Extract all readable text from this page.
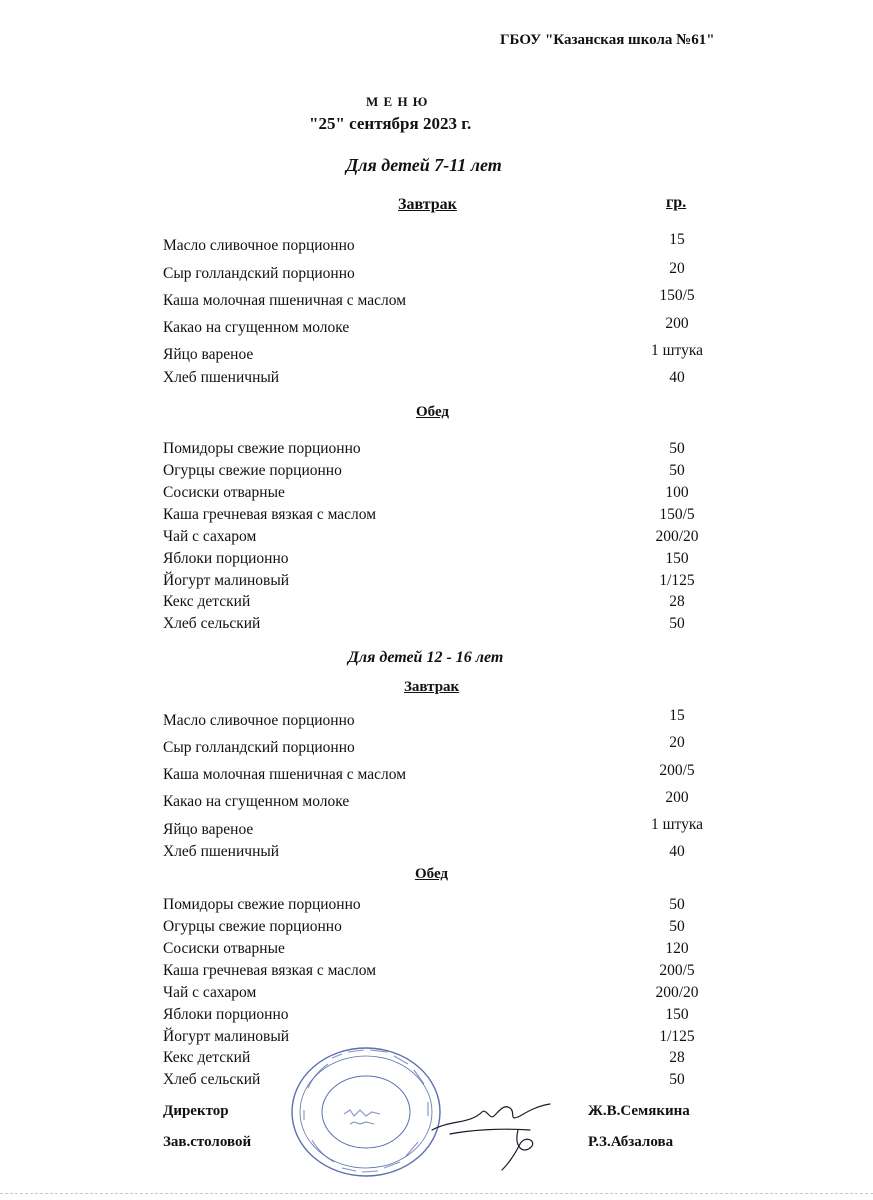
ГБОУ "Казанская школа №61"
М Е Н Ю
"25" сентября 2023 г.
Для детей 7-11 лет
Завтрак	гр.
Масло сливочное порционно	15
Сыр голландский порционно	20
Каша молочная пшеничная с маслом	150/5
Какао на сгущенном молоке	200
Яйцо вареное	1 штука
Хлеб пшеничный	40
Обед
Помидоры свежие порционно	50
Огурцы свежие порционно	50
Сосиски отварные	100
Каша гречневая вязкая с маслом	150/5
Чай с сахаром	200/20
Яблоки порционно	150
Йогурт малиновый	1/125
Кекс детский	28
Хлеб сельский	50
Для детей 12 - 16 лет
Завтрак
Масло сливочное порционно	15
Сыр голландский порционно	20
Каша молочная пшеничная с маслом	200/5
Какао на сгущенном молоке	200
Яйцо вареное	1 штука
Хлеб пшеничный	40
Обед
Помидоры свежие порционно	50
Огурцы свежие порционно	50
Сосиски отварные	120
Каша гречневая вязкая с маслом	200/5
Чай с сахаром	200/20
Яблоки порционно	150
Йогурт малиновый	1/125
Кекс детский	28
Хлеб сельский	50
Директор	Ж.В.Семякина
Зав.столовой	Р.З.Абзалова
